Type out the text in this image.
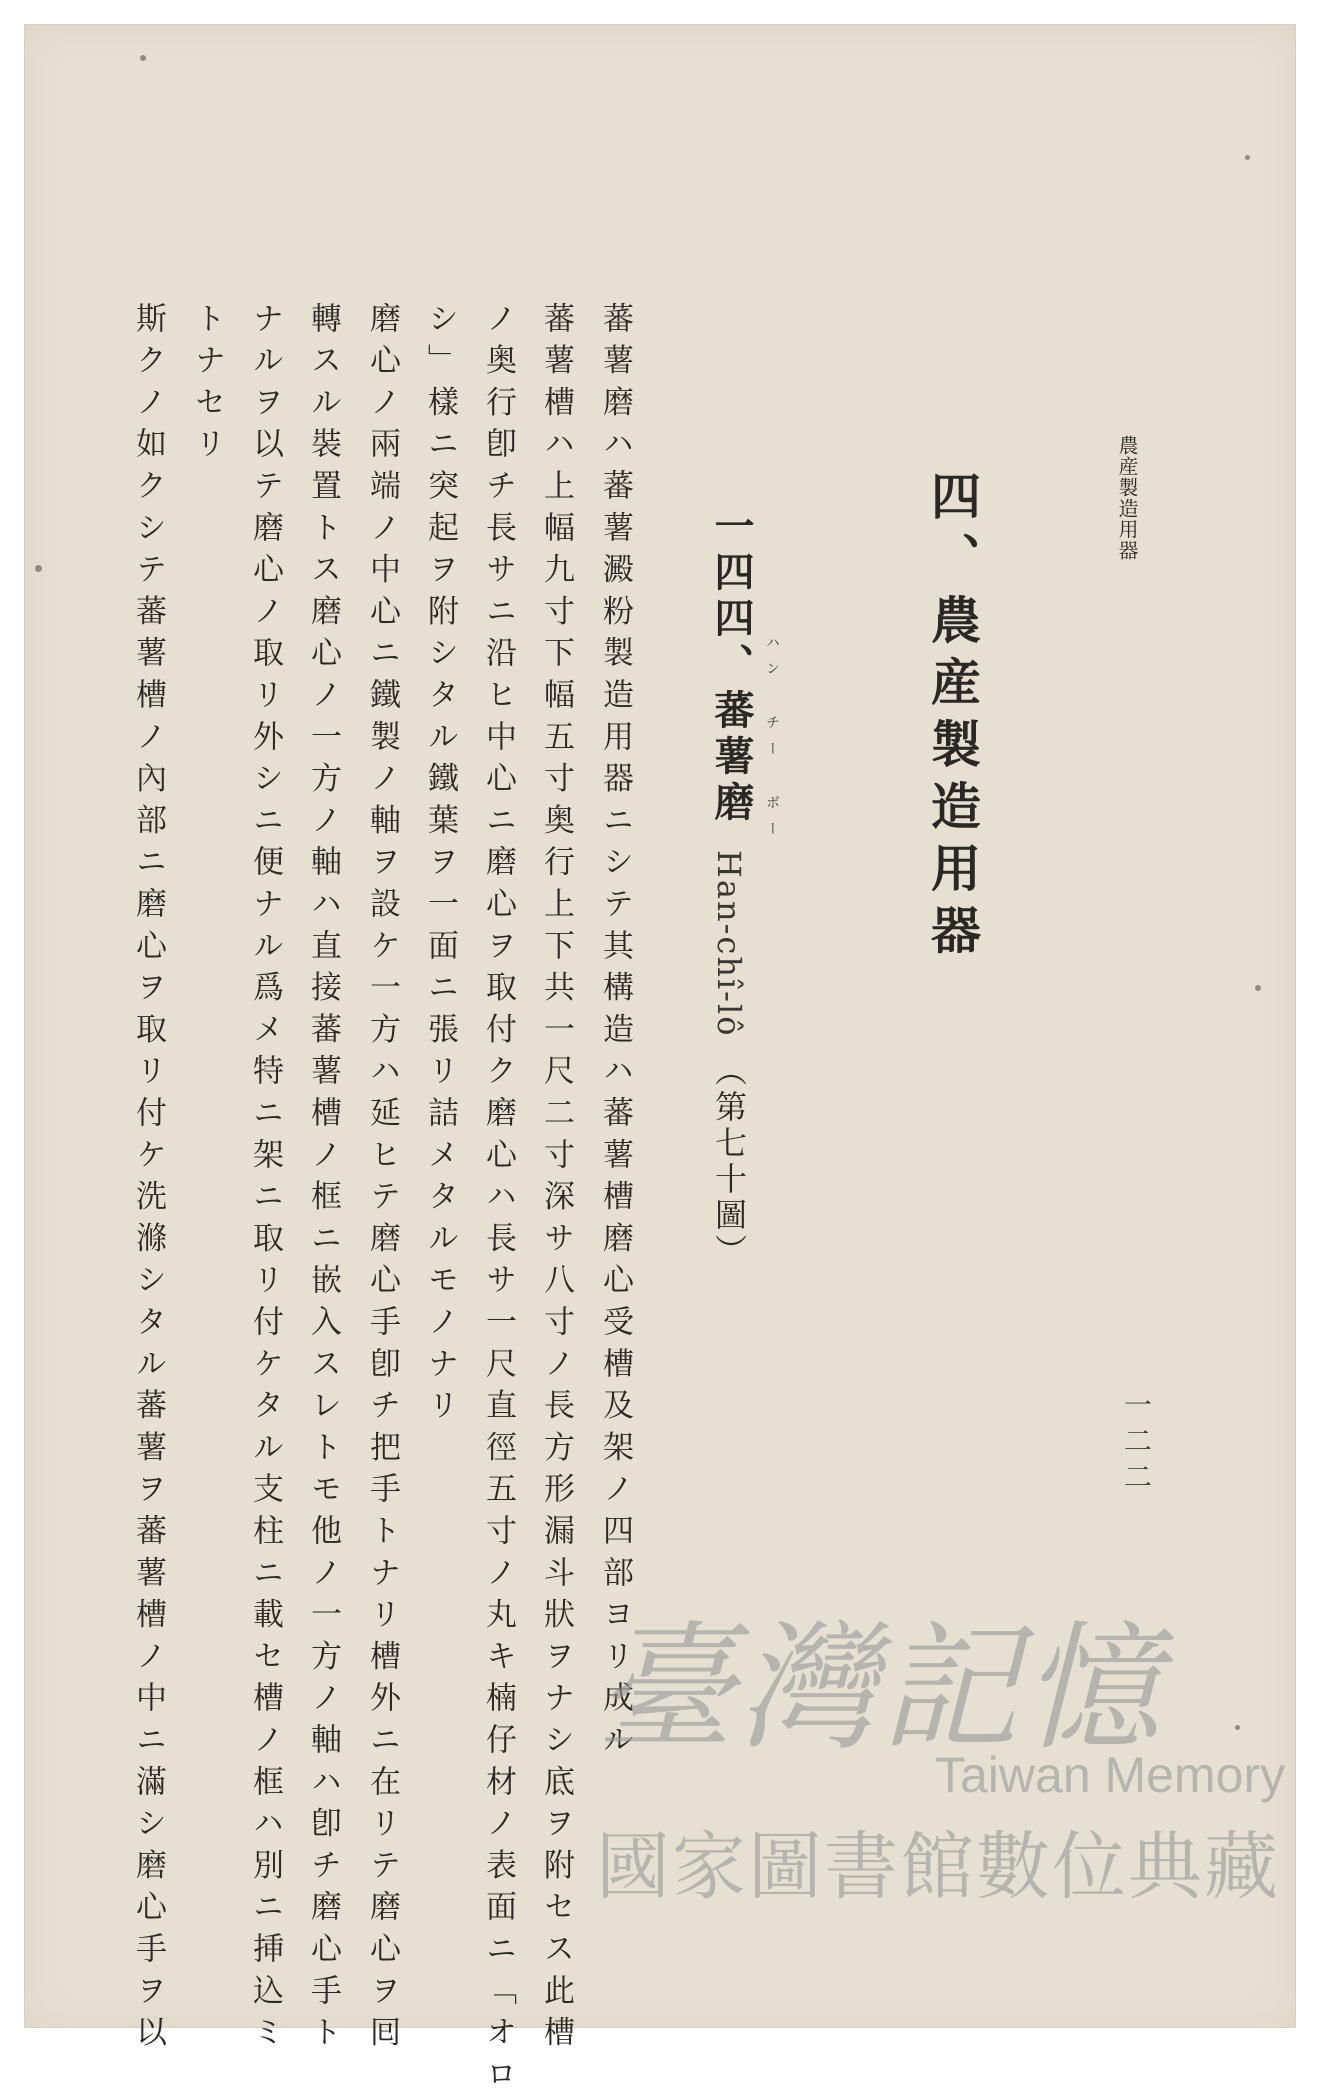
農産製造用器
四、農産製造用器
一四四、蕃薯磨 ハン チー ボー
Han-chî-lô
（第七十圖）
一二二
蕃薯磨ハ蕃薯澱粉製造用器ニシテ其構造ハ蕃薯槽磨心受槽及架ノ四部ヨリ成ル
蕃薯槽ハ上幅九寸下幅五寸奥行上下共一尺二寸深サ八寸ノ長方形漏斗狀ヲナシ底ヲ附セス此槽
ノ奥行卽チ長サニ沿ヒ中心ニ磨心ヲ取付ク磨心ハ長サ一尺直徑五寸ノ丸キ楠仔材ノ表面ニ「オロ
シ」樣ニ突起ヲ附シタル鐵葉ヲ一面ニ張リ詰メタルモノナリ
磨心ノ兩端ノ中心ニ鐵製ノ軸ヲ設ケ一方ハ延ヒテ磨心手卽チ把手トナリ槽外ニ在リテ磨心ヲ囘
轉スル裝置トス磨心ノ一方ノ軸ハ直接蕃薯槽ノ框ニ嵌入スレトモ他ノ一方ノ軸ハ卽チ磨心手ト
ナルヲ以テ磨心ノ取リ外シニ便ナル爲メ特ニ架ニ取リ付ケタル支柱ニ載セ槽ノ框ハ別ニ挿込ミ
トナセリ
斯クノ如クシテ蕃薯槽ノ內部ニ磨心ヲ取リ付ケ洗滌シタル蕃薯ヲ蕃薯槽ノ中ニ滿シ磨心手ヲ以	臺灣記憶
Taiwan Memory
國家圖書館數位典藏
